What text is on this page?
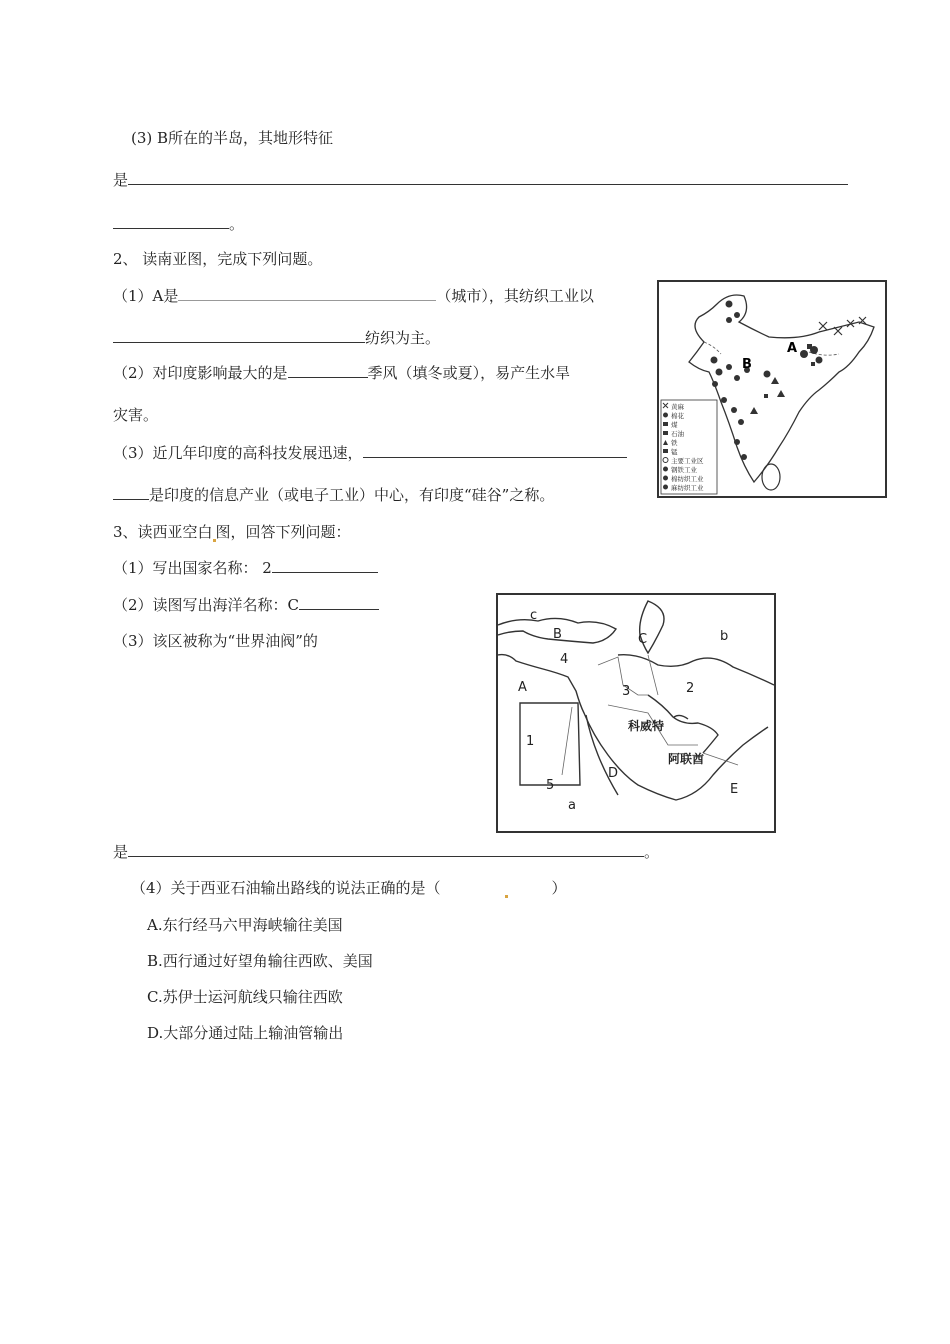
(3) B所在的半岛，其地形特征
是
。
2、 读南亚图，完成下列问题。
（1）A是	（城市），其纺织工业以
纺织为主。
（2）对印度影响最大的是	季风（填冬或夏），易产生水旱
灾害。
（3）近几年印度的高科技发展迅速，
是印度的信息产业（或电子工业）中心，有印度“硅谷”之称。
A
B
黄麻
棉花
煤
石油
铁
锰
主要工业区
钢铁工业
棉纺织工业
麻纺织工业
3、读西亚空白 图，回答下列问题：
（1）写出国家名称： 2
（2）读图写出海洋名称：C
（3）该区被称为“世界油阀”的
c
B	C	b
4
A	3	2
1
科威特
阿联酋
D
5	E
a
是	。
（4）关于西亚石油输出路线的说法正确的是（	）
A.东行经马六甲海峡输往美国
B.西行通过好望角输往西欧、美国
C.苏伊士运河航线只输往西欧
D.大部分通过陆上输油管输出
